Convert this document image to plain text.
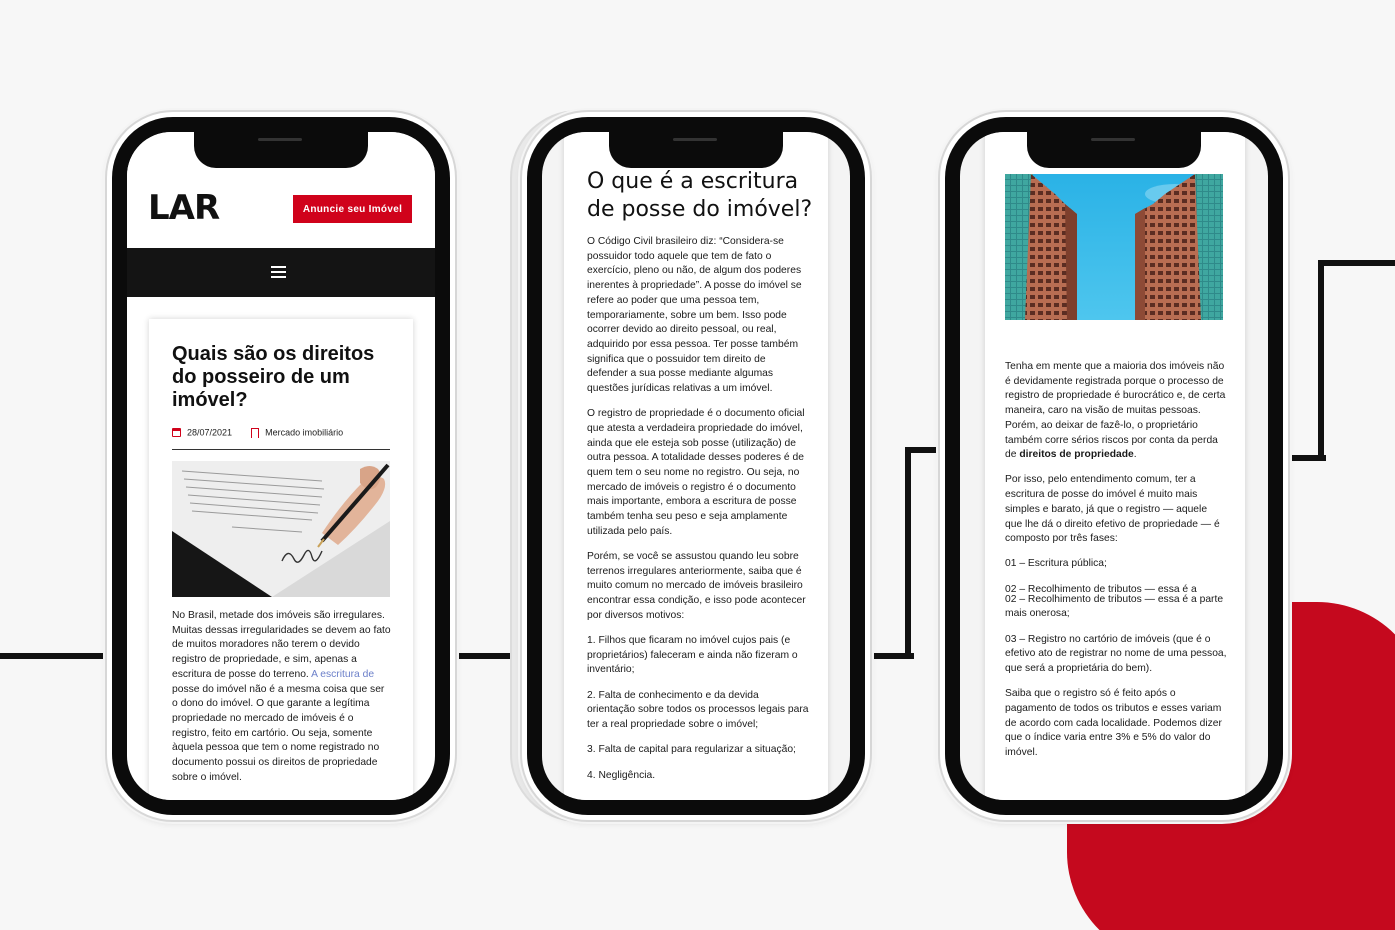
LAR	Anuncie seu Imóvel
Quais são os direitos do posseiro de um imóvel?
28/07/2021	Mercado imobiliário
No Brasil, metade dos imóveis são irregulares. Muitas dessas irregularidades se devem ao fato de muitos moradores não terem o devido registro de propriedade, e sim, apenas a escritura de posse do terreno. A escritura de posse do imóvel não é a mesma coisa que ser o dono do imóvel. O que garante a legítima propriedade no mercado de imóveis é o registro, feito em cartório. Ou seja, somente àquela pessoa que tem o nome registrado no documento possui os direitos de propriedade sobre o imóvel.
O que é a escritura de posse do imóvel?

O Código Civil brasileiro diz: “Considera-se possuidor todo aquele que tem de fato o exercício, pleno ou não, de algum dos poderes inerentes à propriedade”. A posse do imóvel se refere ao poder que uma pessoa tem, temporariamente, sobre um bem. Isso pode ocorrer devido ao direito pessoal, ou real, adquirido por essa pessoa. Ter posse também significa que o possuidor tem direito de defender a sua posse mediante algumas questões jurídicas relativas a um imóvel.

O registro de propriedade é o documento oficial que atesta a verdadeira propriedade do imóvel, ainda que ele esteja sob posse (utilização) de outra pessoa. A totalidade desses poderes é de quem tem o seu nome no registro. Ou seja, no mercado de imóveis o registro é o documento mais importante, embora a escritura de posse também tenha seu peso e seja amplamente utilizada pelo país.

Porém, se você se assustou quando leu sobre terrenos irregulares anteriormente, saiba que é muito comum no mercado de imóveis brasileiro encontrar essa condição, e isso pode acontecer por diversos motivos:

1. Filhos que ficaram no imóvel cujos pais (e proprietários) faleceram e ainda não fizeram o inventário;

2. Falta de conhecimento e da devida orientação sobre todos os processos legais para ter a real propriedade sobre o imóvel;

3. Falta de capital para regularizar a situação;

4. Negligência.

Tenha em mente que a maioria dos imóveis não é devidamente registrada porque o processo de registro de propriedade é burocrático e, de certa maneira, caro na visão de muitas pessoas. Porém, ao deixar de fazê-lo, o proprietário também corre sérios riscos por conta da perda de direitos de propriedade.

Por isso, pelo entendimento comum, ter a escritura de posse do imóvel é muito mais simples e barato, já que o registro — aquele que lhe dá o direito efetivo de propriedade — é composto por três fases:

01 – Escritura pública;

02 – Recolhimento de tributos — essa é a

02 – Recolhimento de tributos — essa é a parte mais onerosa;

03 – Registro no cartório de imóveis (que é o efetivo ato de registrar no nome de uma pessoa, que será a proprietária do bem).

Saiba que o registro só é feito após o pagamento de todos os tributos e esses variam de acordo com cada localidade. Podemos dizer que o índice varia entre 3% e 5% do valor do imóvel.
